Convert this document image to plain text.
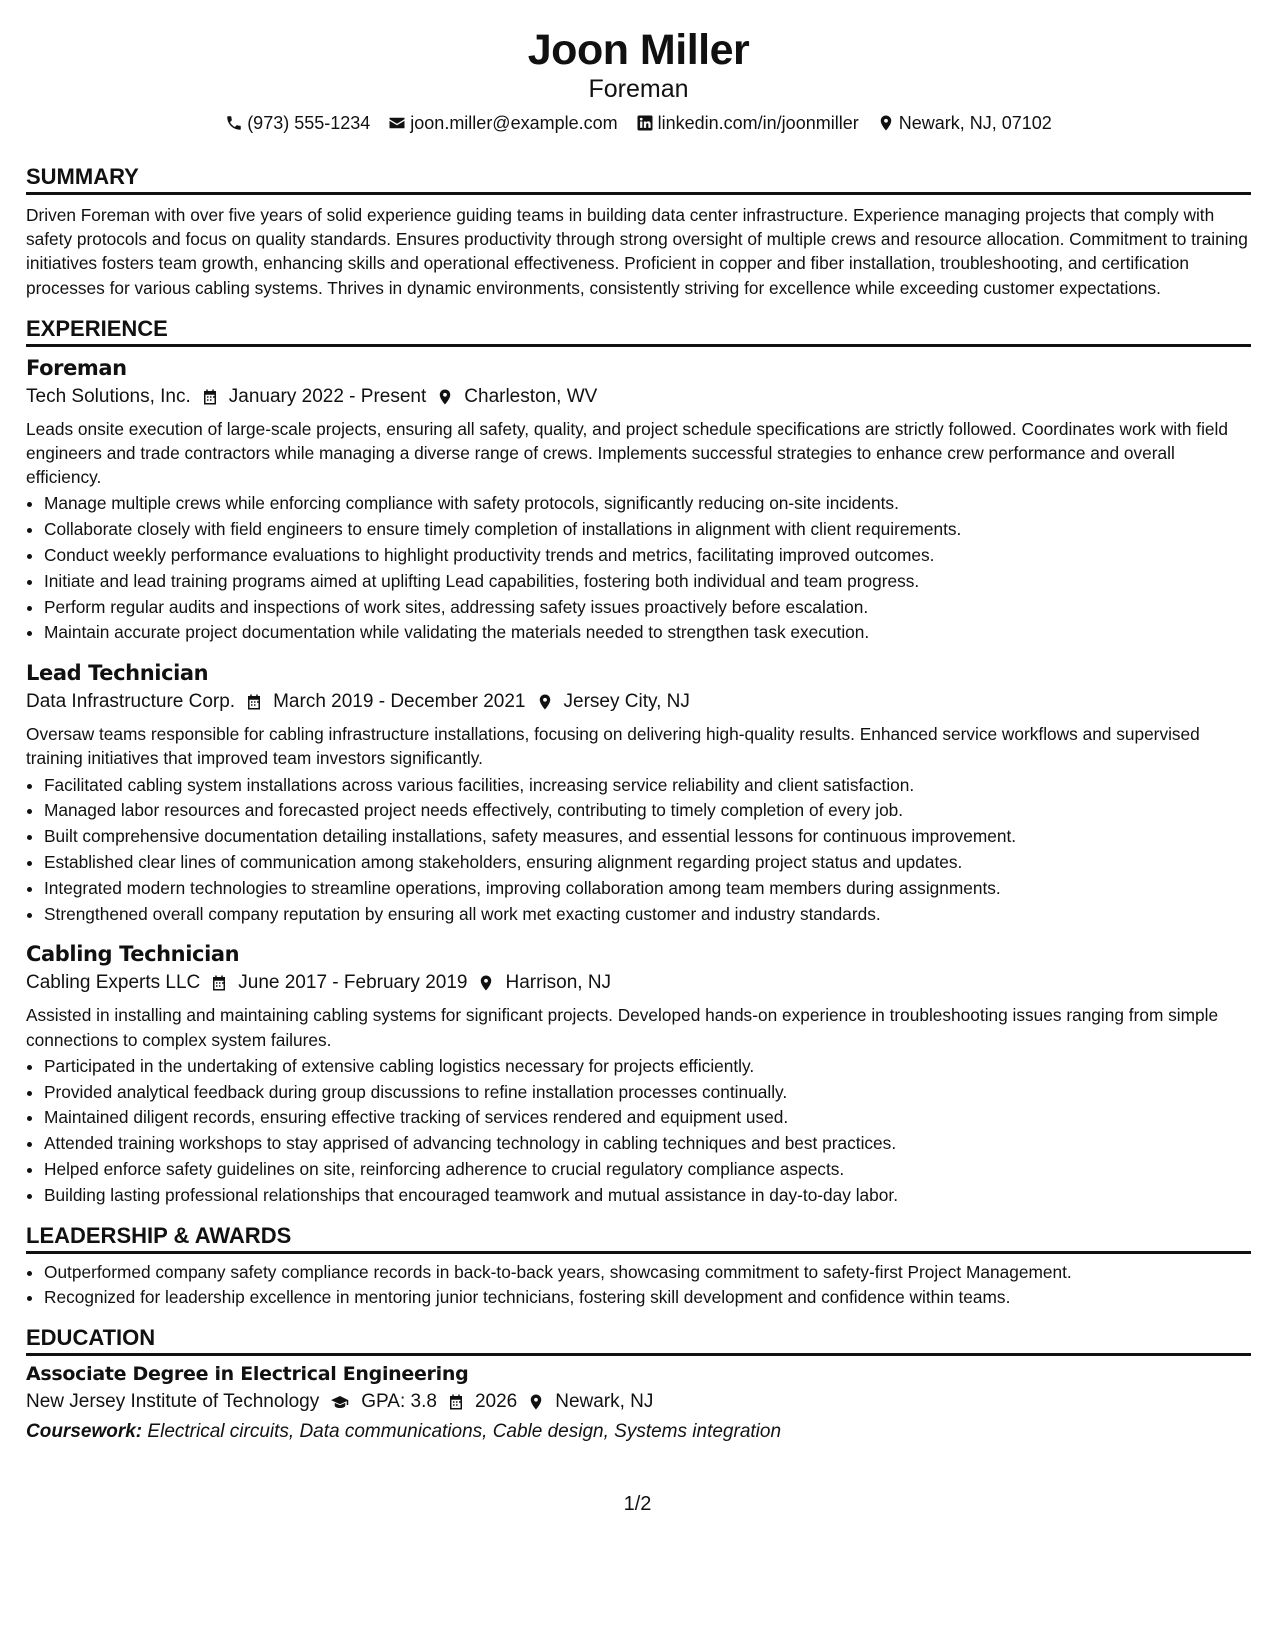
Joon Miller
Foreman
(973) 555-1234 joon.miller@example.com linkedin.com/in/joonmiller Newark, NJ, 07102
SUMMARY
Driven Foreman with over five years of solid experience guiding teams in building data center infrastructure. Experience managing projects that comply with safety protocols and focus on quality standards. Ensures productivity through strong oversight of multiple crews and resource allocation. Commitment to training initiatives fosters team growth, enhancing skills and operational effectiveness. Proficient in copper and fiber installation, troubleshooting, and certification processes for various cabling systems. Thrives in dynamic environments, consistently striving for excellence while exceeding customer expectations.
EXPERIENCE
Foreman
Tech Solutions, Inc. January 2022 - Present Charleston, WV
Leads onsite execution of large-scale projects, ensuring all safety, quality, and project schedule specifications are strictly followed. Coordinates work with field engineers and trade contractors while managing a diverse range of crews. Implements successful strategies to enhance crew performance and overall efficiency.
• Manage multiple crews while enforcing compliance with safety protocols, significantly reducing on-site incidents.
• Collaborate closely with field engineers to ensure timely completion of installations in alignment with client requirements.
• Conduct weekly performance evaluations to highlight productivity trends and metrics, facilitating improved outcomes.
• Initiate and lead training programs aimed at uplifting Lead capabilities, fostering both individual and team progress.
• Perform regular audits and inspections of work sites, addressing safety issues proactively before escalation.
• Maintain accurate project documentation while validating the materials needed to strengthen task execution.
Lead Technician
Data Infrastructure Corp. March 2019 - December 2021 Jersey City, NJ
Oversaw teams responsible for cabling infrastructure installations, focusing on delivering high-quality results. Enhanced service workflows and supervised training initiatives that improved team investors significantly.
• Facilitated cabling system installations across various facilities, increasing service reliability and client satisfaction.
• Managed labor resources and forecasted project needs effectively, contributing to timely completion of every job.
• Built comprehensive documentation detailing installations, safety measures, and essential lessons for continuous improvement.
• Established clear lines of communication among stakeholders, ensuring alignment regarding project status and updates.
• Integrated modern technologies to streamline operations, improving collaboration among team members during assignments.
• Strengthened overall company reputation by ensuring all work met exacting customer and industry standards.
Cabling Technician
Cabling Experts LLC June 2017 - February 2019 Harrison, NJ
Assisted in installing and maintaining cabling systems for significant projects. Developed hands-on experience in troubleshooting issues ranging from simple connections to complex system failures.
• Participated in the undertaking of extensive cabling logistics necessary for projects efficiently.
• Provided analytical feedback during group discussions to refine installation processes continually.
• Maintained diligent records, ensuring effective tracking of services rendered and equipment used.
• Attended training workshops to stay apprised of advancing technology in cabling techniques and best practices.
• Helped enforce safety guidelines on site, reinforcing adherence to crucial regulatory compliance aspects.
• Building lasting professional relationships that encouraged teamwork and mutual assistance in day-to-day labor.
LEADERSHIP & AWARDS
• Outperformed company safety compliance records in back-to-back years, showcasing commitment to safety-first Project Management.
• Recognized for leadership excellence in mentoring junior technicians, fostering skill development and confidence within teams.
EDUCATION
Associate Degree in Electrical Engineering
New Jersey Institute of Technology GPA: 3.8 2026 Newark, NJ
Coursework: Electrical circuits, Data communications, Cable design, Systems integration
1/2
